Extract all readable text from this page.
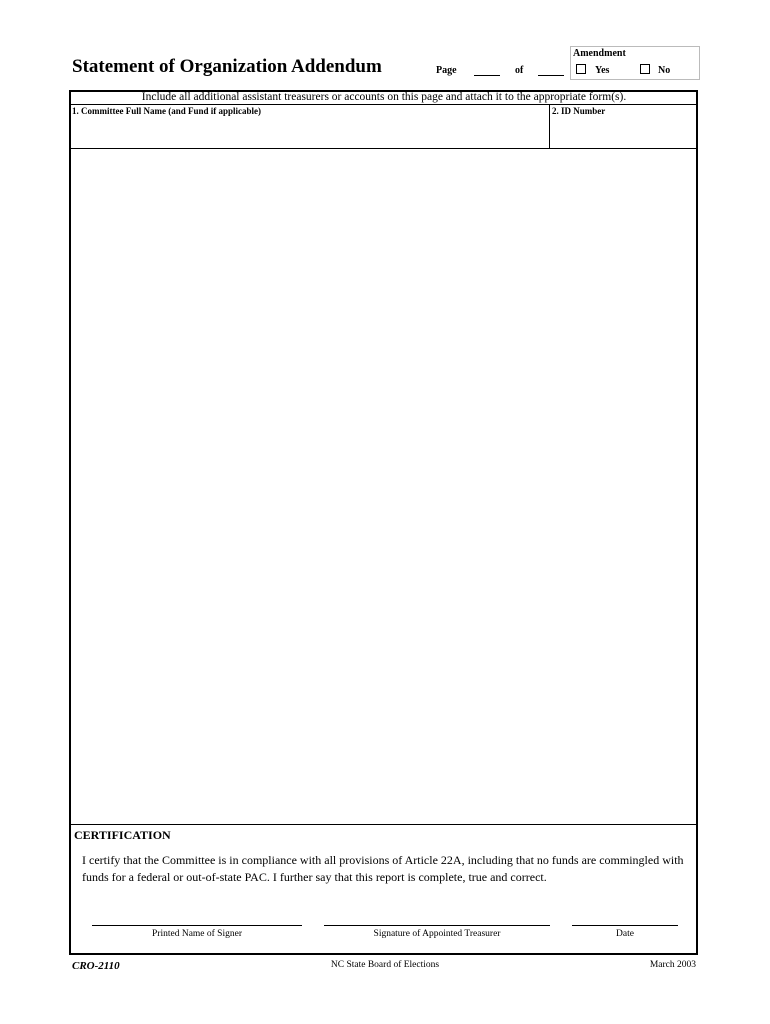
Statement of Organization Addendum	Page	of
Amendment
Yes	No
Include all additional assistant treasurers or accounts on this page and attach it to the appropriate form(s).
1. Committee Full Name (and Fund if applicable)	2. ID Number
CERTIFICATION
I certify that the Committee is in compliance with all provisions of Article 22A, including that no funds are commingled with funds for a federal or out-of-state PAC. I further say that this report is complete, true and correct.
Printed Name of Signer	Signature of Appointed Treasurer	Date
CRO-2110	NC State Board of Elections	March 2003
